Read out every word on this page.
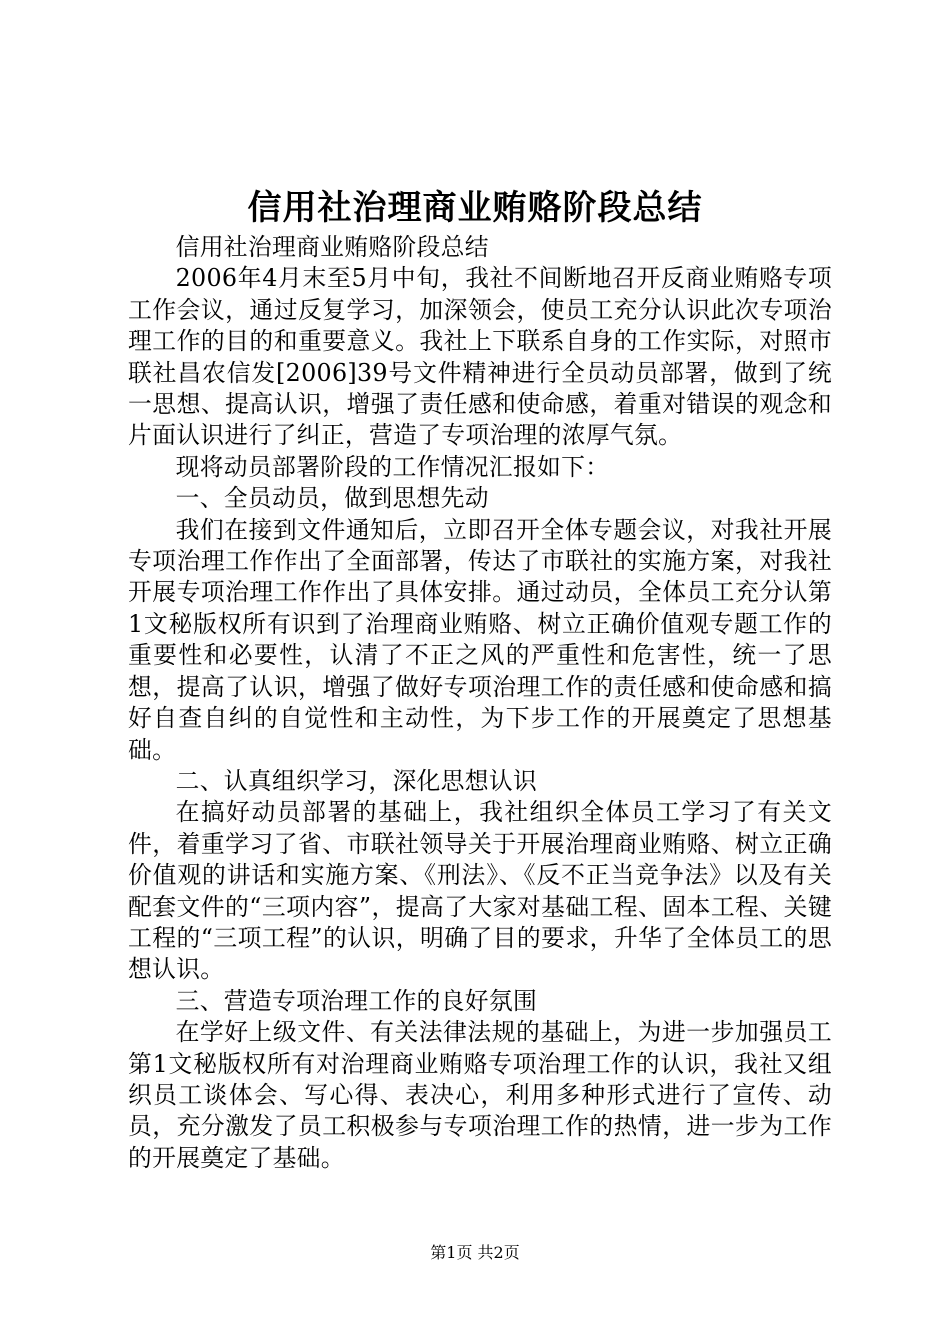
信用社治理商业贿赂阶段总结

信用社治理商业贿赂阶段总结

2006年4月末至5月中旬，我社不间断地召开反商业贿赂专项工作会议，通过反复学习，加深领会，使员工充分认识此次专项治理工作的目的和重要意义。我社上下联系自身的工作实际，对照市联社昌农信发[2006]39号文件精神进行全员动员部署，做到了统一思想、提高认识，增强了责任感和使命感，着重对错误的观念和片面认识进行了纠正，营造了专项治理的浓厚气氛。

现将动员部署阶段的工作情况汇报如下：

一、全员动员，做到思想先动

我们在接到文件通知后，立即召开全体专题会议，对我社开展专项治理工作作出了全面部署，传达了市联社的实施方案，对我社开展专项治理工作作出了具体安排。通过动员，全体员工充分认第1文秘版权所有识到了治理商业贿赂、树立正确价值观专题工作的重要性和必要性，认清了不正之风的严重性和危害性，统一了思想，提高了认识，增强了做好专项治理工作的责任感和使命感和搞好自查自纠的自觉性和主动性，为下步工作的开展奠定了思想基础。

二、认真组织学习，深化思想认识

在搞好动员部署的基础上，我社组织全体员工学习了有关文件，着重学习了省、市联社领导关于开展治理商业贿赂、树立正确价值观的讲话和实施方案、《刑法》、《反不正当竞争法》以及有关配套文件的“三项内容”，提高了大家对基础工程、固本工程、关键工程的“三项工程”的认识，明确了目的要求，升华了全体员工的思想认识。

三、营造专项治理工作的良好氛围

在学好上级文件、有关法律法规的基础上，为进一步加强员工第1文秘版权所有对治理商业贿赂专项治理工作的认识，我社又组织员工谈体会、写心得、表决心，利用多种形式进行了宣传、动员，充分激发了员工积极参与专项治理工作的热情，进一步为工作的开展奠定了基础。

第1页 共2页
